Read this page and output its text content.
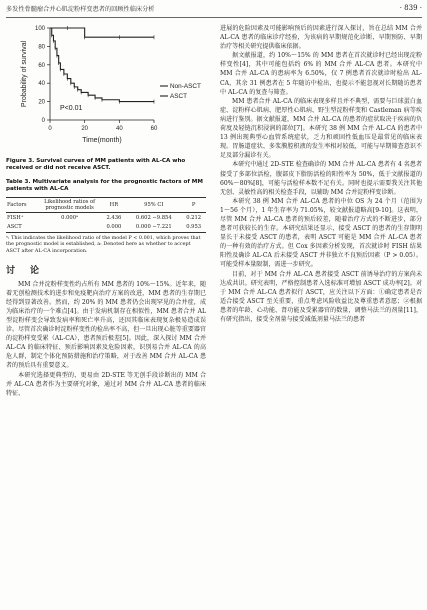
多发性骨髓瘤合并心肌淀粉样变患者的回顾性临床分析	· 839 ·
0
20
40
60
80
100
0	20	40	60
Time(month)
Probability of survival	Non-ASCT
ASCT
P<0.01
Figure 3. Survival curves of MM patients with AL-CA who received or did not receive ASCT.
Table 3. Multivariate analysis for the prognostic factors of MM patients with AL-CA
Factors	Likelihood ratios of prognostic models	HR	95% CI	P
FISH⁺	0.000ᵃ	2.436	0.602 −9.854	0.212
ASCT		0.000	0.000 −7.221	0.953
ᵃ: This indicates the likelihood ratio of the model P < 0.001, which proves that the prognostic model is established, a: Denoted here as whether to accept ASCT after AL-CA incorporation.
讨　论

MM 合并淀粉样变性约占所有 MM 患者的 10%～15%。近年来，随着无创检测技术的进步和免疫靶向治疗方案的改进，MM 患者的生存期已经得到显著改善。然而，约 20% 的 MM 患者仍会出现罕见的合并症，成为临床治疗的一个难点[4]。由于发病机制存在相似性，MM 患者合并 AL 型淀粉样变会导致发病率和死亡率升高，还因其临床表现复杂极易造成误诊。尽管首次确诊时淀粉样变性的检出率不高，但一旦出现心脏等重要器官的淀粉样变受累（AL-CA），患者预后极差[5]。因此，深入探讨 MM 合并 AL-CA 的临床特征、预后影响因素及危险因素，识别易合并 AL-CA 的高危人群，制定个体化预防措施和治疗策略，对于改善 MM 合并 AL-CA 患者的预后具有重要意义。

本研究选择更典型的、更易由 2D-STE 等无创手段诊断出的 MM 合并 AL-CA 患者作为主要研究对象，通过对 MM 合并 AL-CA 患者的临床特征、

进展的危险因素及可能影响预后的因素进行深入探讨，旨在总结 MM 合并 AL-CA 患者的临床诊疗经验，为该病的早期规范化诊断、早期预防、早期治疗等相关研究提供临床依据。

据文献报道，约 10%～15% 的 MM 患者在首次就诊时已经出现淀粉样变性[4]，其中可能包括约 6% 的 MM 合并 AL-CA 患者。本研究中 MM 合并 AL-CA 的患病率为 6.50%，仅 7 例患者首次就诊时检出 AL-CA，其余 31 例患者在 5 年随访中检出，也提示不能忽视对长期随访患者中 AL-CA 的复查与筛查。

MM 患者合并 AL-CA 的临床表现多样且并不典型，需要与巨球蛋白血症、淀粉样心肌病、肥厚性心肌病、野生型淀粉样变和 Castleman 病等疾病进行鉴别。据文献报道，MM 合并 AL-CA 的患者的症状取决于疾病的负荷度及轻链沉积浸润的部位[7]。本研究 38 例 MM 合并 AL-CA 的患者中 13 例出现典型心血管系统症状，乏力和顽固性低血压是最常见的临床表现。胃肠道症状、多浆膜腔积液的发生率相对较低，可能与早期筛查意识不足及部分漏诊有关。

本研究中通过 2D-STE 检查确诊的 MM 合并 AL-CA 患者有 4 名患者接受了多部位活检，腹部皮下脂肪活检的阳性率为 50%，低于文献报道的 60%～80%[8]，可能与活检样本数不足有关。同时也提示需要我关注其他无创、灵敏性高的相关检查手段，以辅助 MM 合并淀粉样变诊断。

本研究 38 例 MM 合并 AL-CA 患者的中位 OS 为 24 个月（范围为 1～56 个月），1 年生存率为 71.05%，较文献报道略高[9-10]。这表明，尽管 MM 合并 AL-CA 患者的预后较差，随着治疗方式的不断进步，部分患者可获较长的生存。本研究结果还显示，接受 ASCT 的患者的生存期明显长于未接受 ASCT 的患者，表明 ASCT 可能是 MM 合并 AL-CA 患者的一种有效的治疗方式。但 Cox 多因素分析发现，首次就诊时 FISH 结果阳性及确诊 AL-CA 后未接受 ASCT 并非独立不良预后因素（P > 0.05）。可能受样本量限制，需进一步研究。

目前，对于 MM 合并 AL-CA 患者接受 ASCT 前诱导治疗的方案尚未达成共识。研究表明，严格控制患者入选标准可增加 ASCT 成功率[2]。对于 MM 合并 AL-CA 患者拟行 ASCT，应关注以下方面：①确定患者是否适合接受 ASCT 至关重要，重点考虑风险收益比及尊重患者意愿；②根据患者的年龄、心功能、肾功能及受累器官的数量，调整马法兰的剂量[11]，有研究指出，接受全剂量与接受减低剂量马法兰的患者
